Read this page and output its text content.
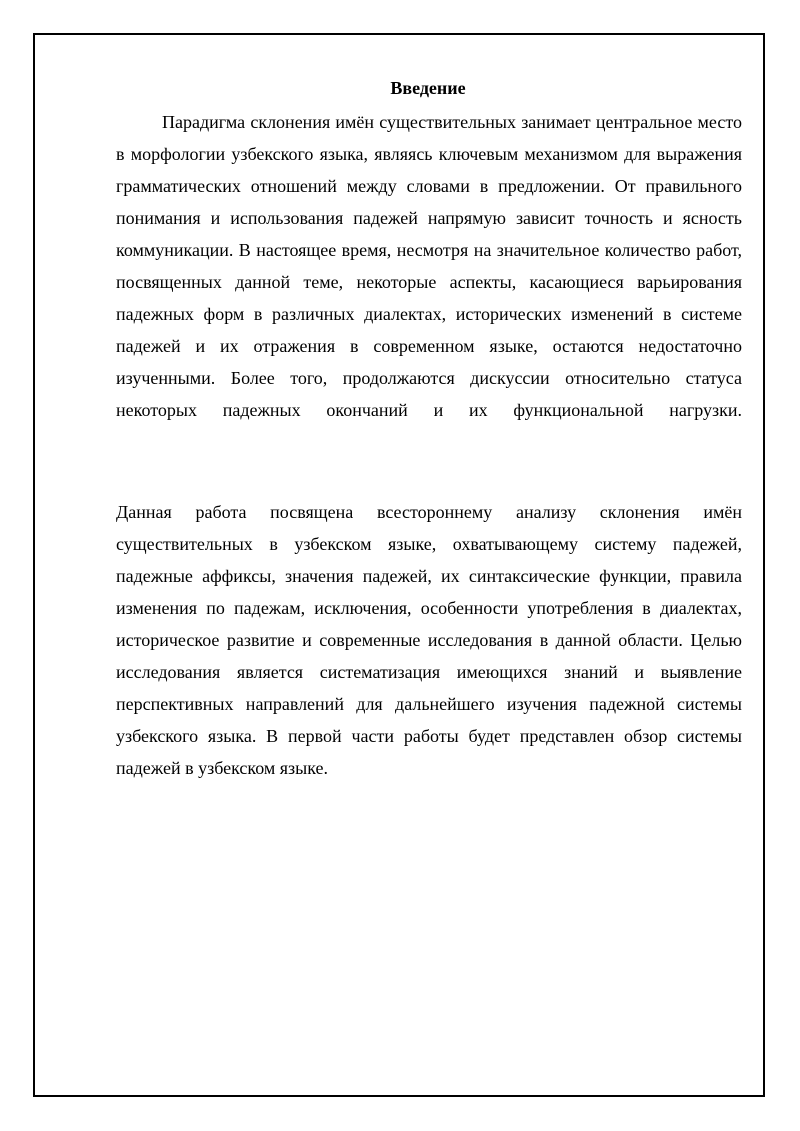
Введение

Парадигма склонения имён существительных занимает центральное место в морфологии узбекского языка, являясь ключевым механизмом для выражения грамматических отношений между словами в предложении. От правильного понимания и использования падежей напрямую зависит точность и ясность коммуникации. В настоящее время, несмотря на значительное количество работ, посвященных данной теме, некоторые аспекты, касающиеся варьирования падежных форм в различных диалектах, исторических изменений в системе падежей и их отражения в современном языке, остаются недостаточно изученными. Более того, продолжаются дискуссии относительно статуса некоторых падежных окончаний и их функциональной нагрузки.

Данная работа посвящена всестороннему анализу склонения имён существительных в узбекском языке, охватывающему систему падежей, падежные аффиксы, значения падежей, их синтаксические функции, правила изменения по падежам, исключения, особенности употребления в диалектах, историческое развитие и современные исследования в данной области. Целью исследования является систематизация имеющихся знаний и выявление перспективных направлений для дальнейшего изучения падежной системы узбекского языка. В первой части работы будет представлен обзор системы падежей в узбекском языке.
